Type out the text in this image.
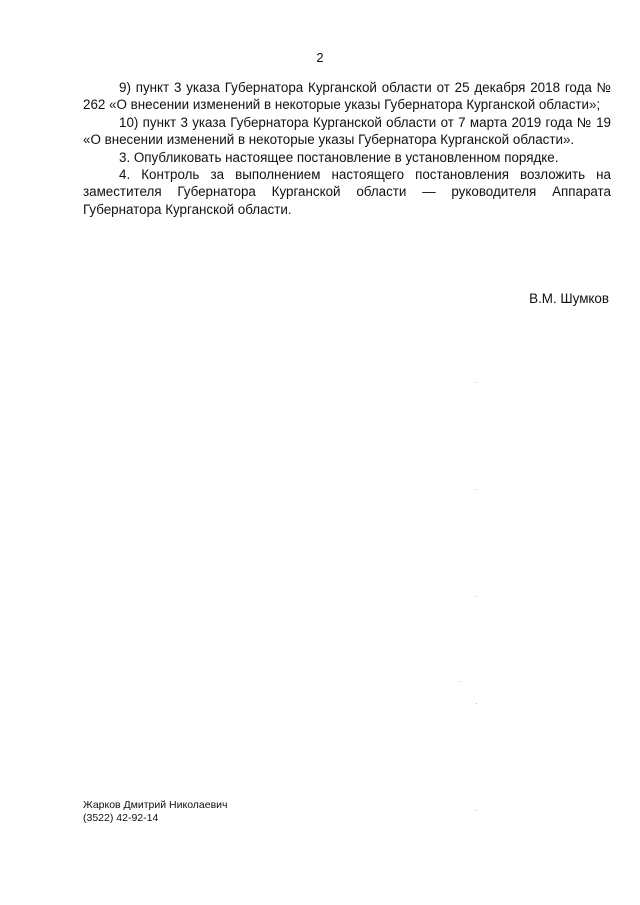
2

9) пункт 3 указа Губернатора Курганской области от 25 декабря 2018 года № 262 «О внесении изменений в некоторые указы Губернатора Курганской области»;

10) пункт 3 указа Губернатора Курганской области от 7 марта 2019 года № 19 «О внесении изменений в некоторые указы Губернатора Курганской области».

3. Опубликовать настоящее постановление в установленном порядке.

4. Контроль за выполнением настоящего постановления возложить на заместителя Губернатора Курганской области — руководителя Аппарата Губернатора Курганской области.

В.М. Шумков
Жарков Дмитрий Николаевич
(3522) 42-92-14
